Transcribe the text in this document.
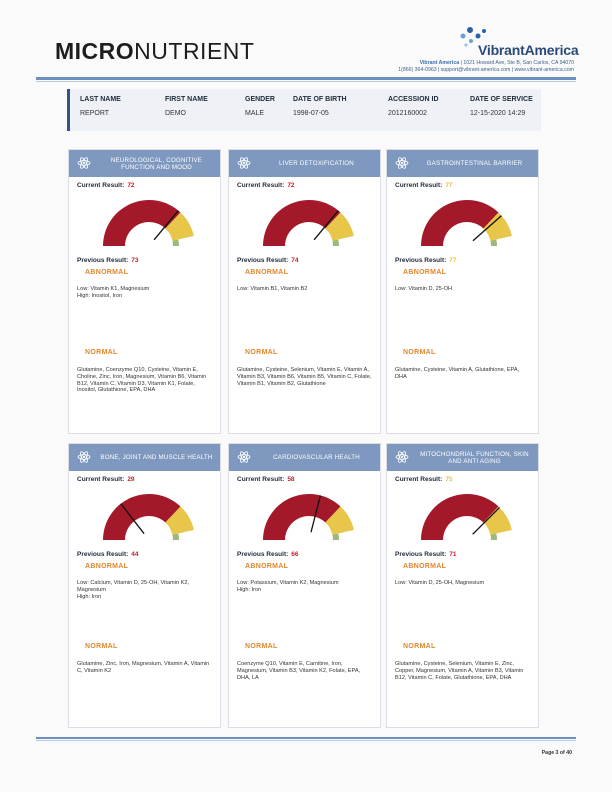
MICRONUTRIENT	VibrantAmerica
Vibrant America | 1021 Howard Ave, Ste B, San Carlos, CA 94070
1(866) 364-0963 | support@vibrant-america.com | www.vibrant-america.com
LAST NAME
REPORT
FIRST NAME
DEMO
GENDER
MALE
DATE OF BIRTH
1998-07-05
ACCESSION ID
2012160002
DATE OF SERVICE
12-15-2020 14:29
NEUROLOGICAL, COGNITIVE FUNCTION AND MOOD
Current Result: 72
Previous Result: 73
ABNORMAL
Low: Vitamin K1, Magnesium
High: Inositol, Iron
NORMAL
Glutamine, Coenzyme Q10, Cysteine, Vitamin E, Choline, Zinc, Iron, Magnesium, Vitamin B6, Vitamin B12, Vitamin C, Vitamin D3, Vitamin K1, Folate, Inositol, Glutathione, EPA, DHA
LIVER DETOXIFICATION
Current Result: 72
Previous Result: 74
ABNORMAL
Low: Vitamin B1, Vitamin B2
NORMAL
Glutamine, Cysteine, Selenium, Vitamin E, Vitamin A, Vitamin B3, Vitamin B6, Vitamin B5, Vitamin C, Folate, Vitamin B1, Vitamin B2, Glutathione
GASTROINTESTINAL BARRIER
Current Result: 77
Previous Result: 77
ABNORMAL
Low: Vitamin D, 25-OH
NORMAL
Glutamine, Cysteine, Vitamin A, Glutathione, EPA, DHA
BONE, JOINT AND MUSCLE HEALTH
Current Result: 29
Previous Result: 44
ABNORMAL
Low: Calcium, Vitamin D, 25-OH, Vitamin K2, Magnesium
High: Iron
NORMAL
Glutamine, Zinc, Iron, Magnesium, Vitamin A, Vitamin C, Vitamin K2
CARDIOVASCULAR HEALTH
Current Result: 58
Previous Result: 66
ABNORMAL
Low: Potassium, Vitamin K2, Magnesium
High: Iron
NORMAL
Coenzyme Q10, Vitamin E, Carnitine, Iron, Magnesium, Vitamin B3, Vitamin K2, Folate, EPA, DHA, LA
MITOCHONDRIAL FUNCTION, SKIN AND ANTI AGING
Current Result: 75
Previous Result: 71
ABNORMAL
Low: Vitamin D, 25-OH, Magnesium
NORMAL
Glutamine, Cysteine, Selenium, Vitamin E, Zinc, Copper, Magnesium, Vitamin A, Vitamin B3, Vitamin B12, Vitamin C, Folate, Glutathione, EPA, DHA
Page 3 of 40
